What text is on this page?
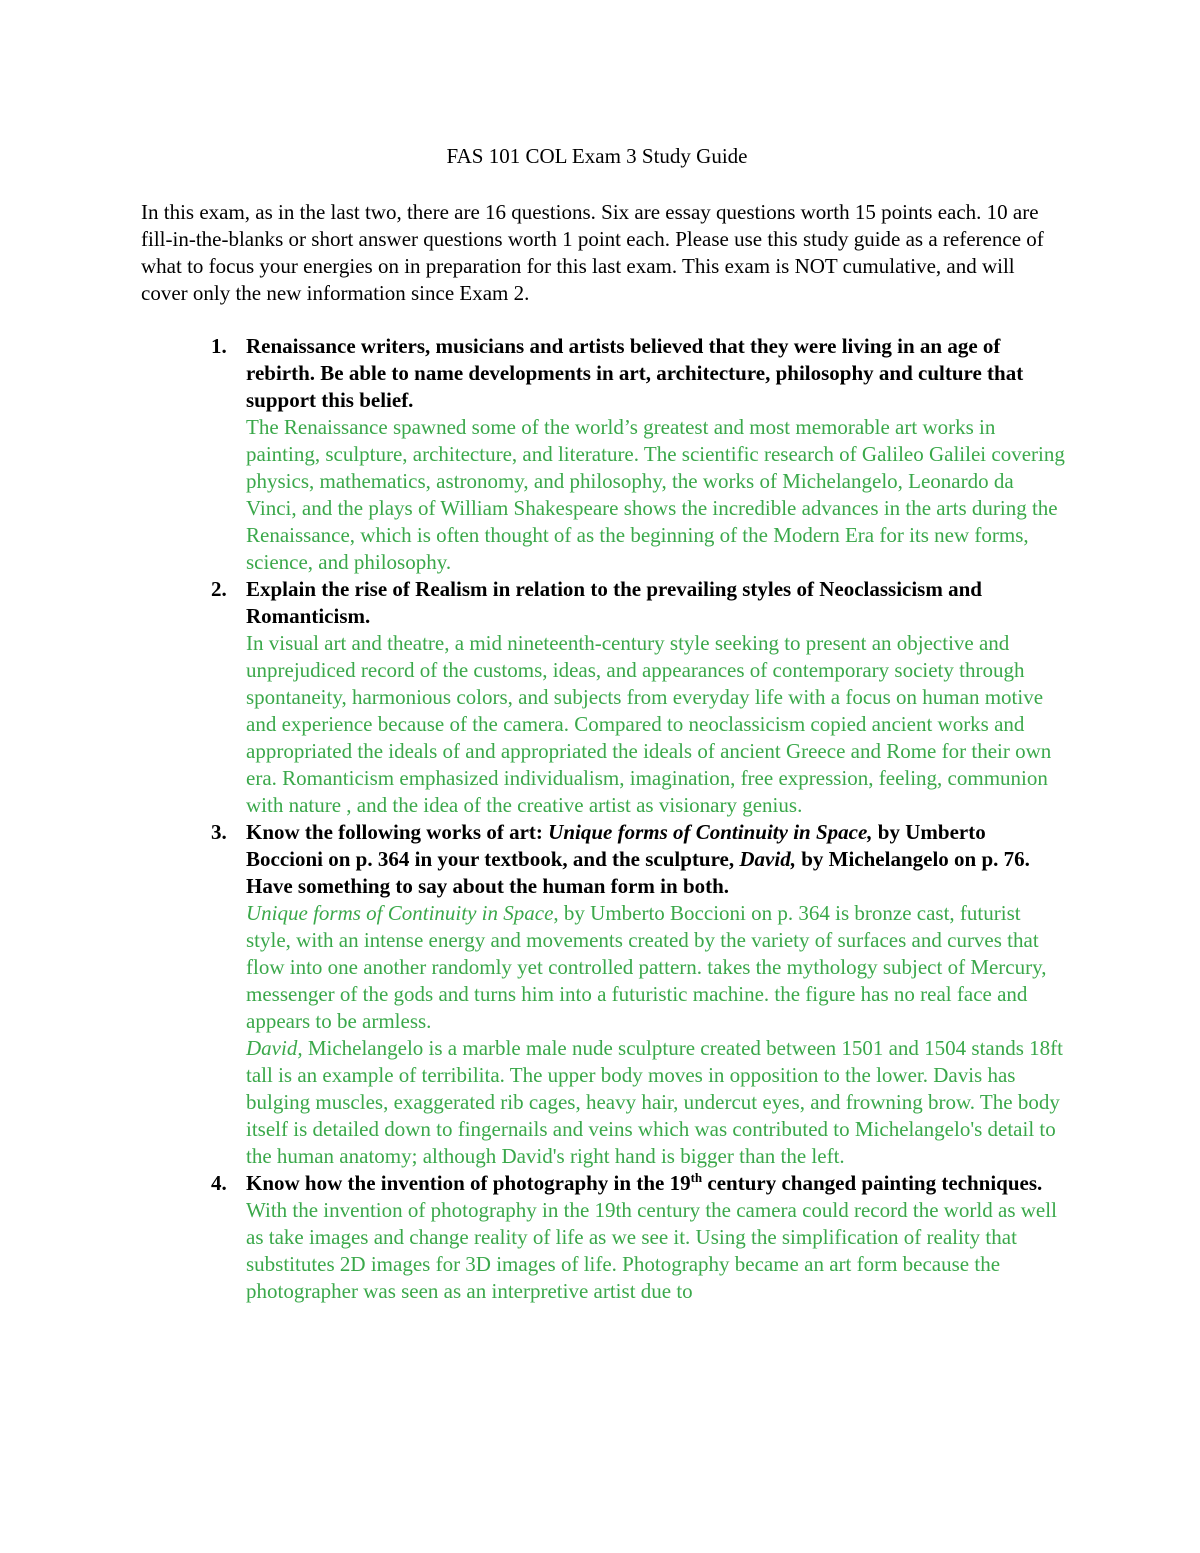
FAS 101 COL Exam 3 Study Guide
In this exam, as in the last two, there are 16 questions. Six are essay questions worth 15 points each. 10 are fill-in-the-blanks or short answer questions worth 1 point each. Please use this study guide as a reference of what to focus your energies on in preparation for this last exam. This exam is NOT cumulative, and will cover only the new information since Exam 2.
1. Renaissance writers, musicians and artists believed that they were living in an age of rebirth. Be able to name developments in art, architecture, philosophy and culture that support this belief.
The Renaissance spawned some of the world’s greatest and most memorable art works in painting, sculpture, architecture, and literature. The scientific research of Galileo Galilei covering physics, mathematics, astronomy, and philosophy, the works of Michelangelo, Leonardo da Vinci, and the plays of William Shakespeare shows the incredible advances in the arts during the Renaissance, which is often thought of as the beginning of the Modern Era for its new forms, science, and philosophy.
2. Explain the rise of Realism in relation to the prevailing styles of Neoclassicism and Romanticism.
In visual art and theatre, a mid nineteenth-century style seeking to present an objective and unprejudiced record of the customs, ideas, and appearances of contemporary society through spontaneity, harmonious colors, and subjects from everyday life with a focus on human motive and experience because of the camera. Compared to neoclassicism copied ancient works and appropriated the ideals of and appropriated the ideals of ancient Greece and Rome for their own era. Romanticism emphasized individualism, imagination, free expression, feeling, communion with nature , and the idea of the creative artist as visionary genius.
3. Know the following works of art: Unique forms of Continuity in Space, by Umberto Boccioni on p. 364 in your textbook, and the sculpture, David, by Michelangelo on p. 76. Have something to say about the human form in both.
Unique forms of Continuity in Space, by Umberto Boccioni on p. 364 is bronze cast, futurist style, with an intense energy and movements created by the variety of surfaces and curves that flow into one another randomly yet controlled pattern. takes the mythology subject of Mercury, messenger of the gods and turns him into a futuristic machine. the figure has no real face and appears to be armless.
David, Michelangelo is a marble male nude sculpture created between 1501 and 1504 stands 18ft tall is an example of terribilita. The upper body moves in opposition to the lower. Davis has bulging muscles, exaggerated rib cages, heavy hair, undercut eyes, and frowning brow. The body itself is detailed down to fingernails and veins which was contributed to Michelangelo's detail to the human anatomy; although David's right hand is bigger than the left.
4. Know how the invention of photography in the 19th century changed painting techniques.
With the invention of photography in the 19th century the camera could record the world as well as take images and change reality of life as we see it. Using the simplification of reality that substitutes 2D images for 3D images of life. Photography became an art form because the photographer was seen as an interpretive artist due to
